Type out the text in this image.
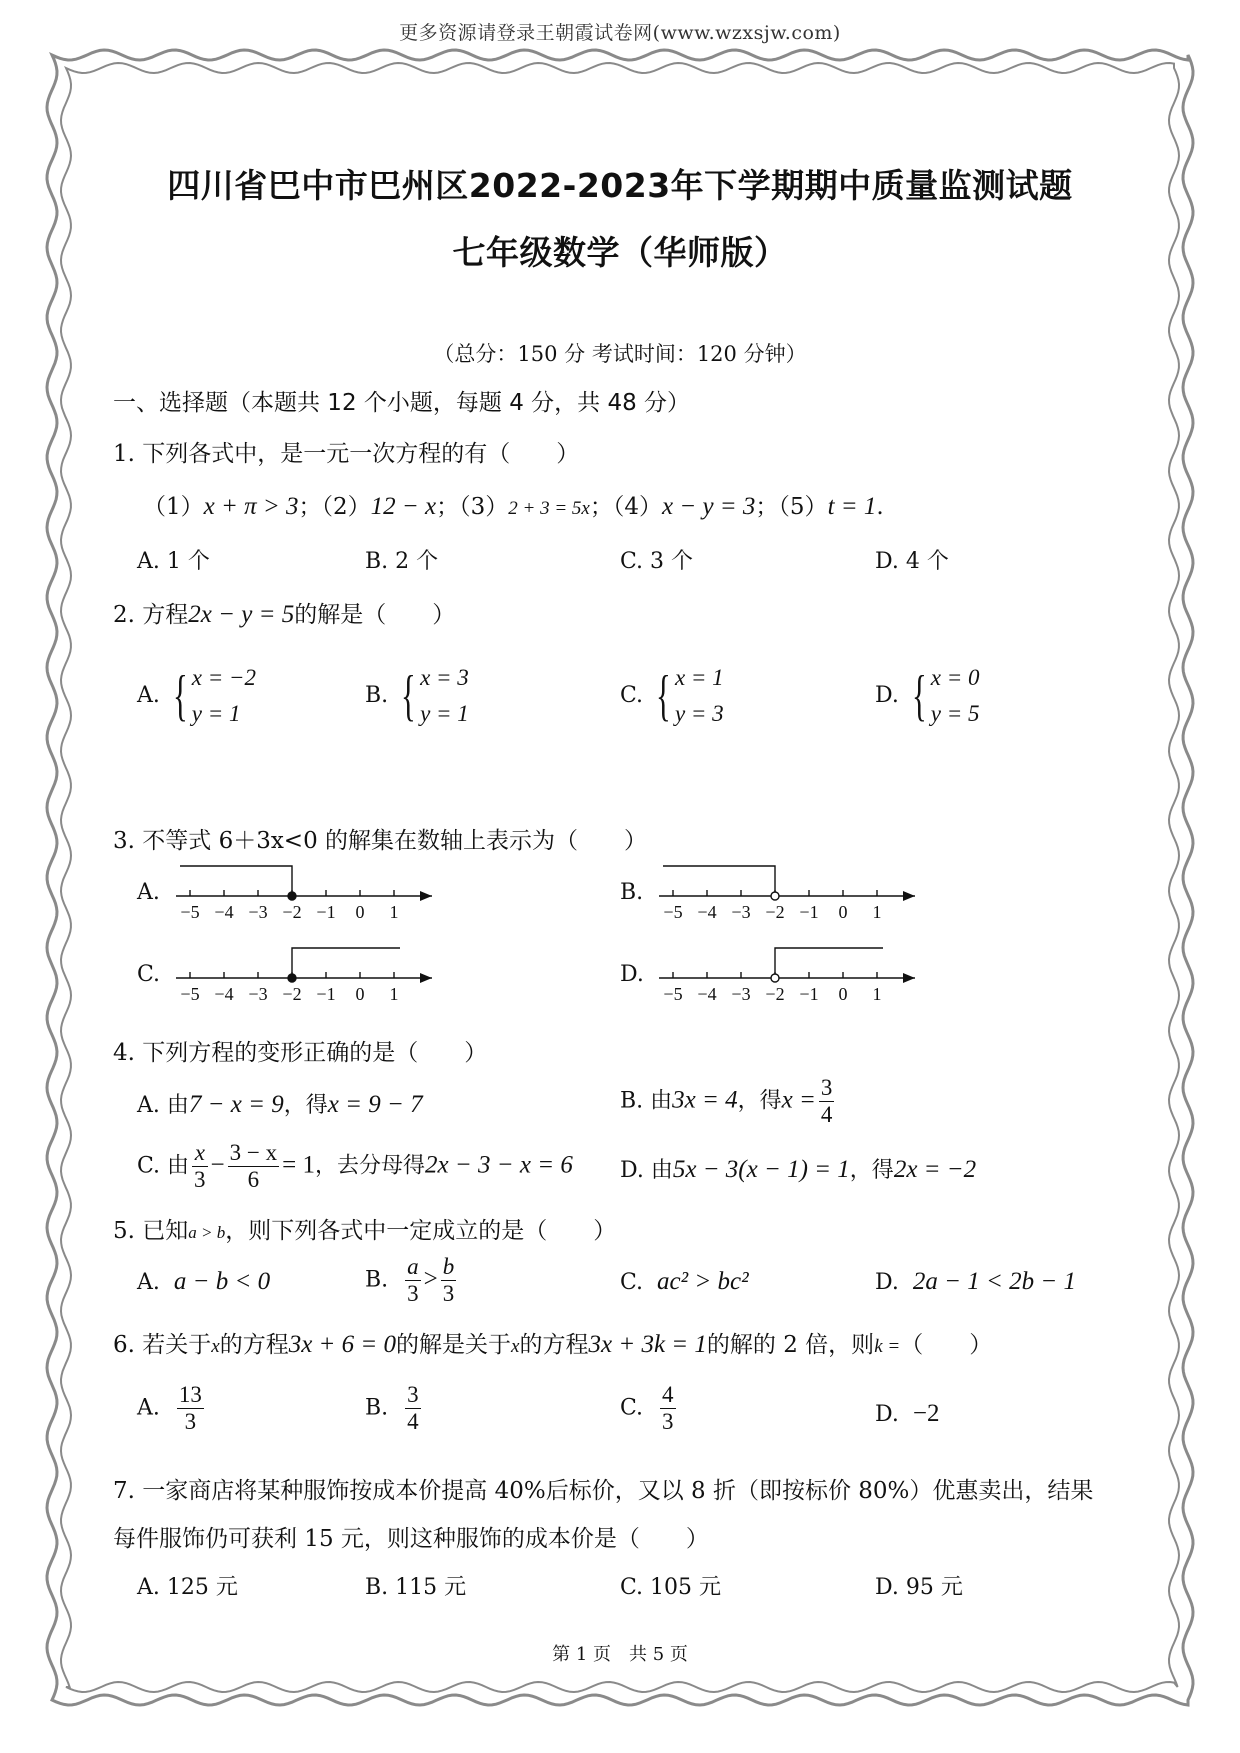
更多资源请登录王朝霞试卷网(www.wzxsjw.com)
四川省巴中市巴州区2022-2023年下学期期中质量监测试题
七年级数学（华师版）
（总分：150 分 考试时间：120 分钟）
一、选择题（本题共 12 个小题，每题 4 分，共 48 分）
1. 下列各式中，是一元一次方程的有（　　）
（1）x + π > 3；（2）12 − x；（3）2 + 3 = 5x；（4）x − y = 3；（5）t = 1.
A. 1 个	B. 2 个	C. 3 个	D. 4 个
2. 方程2x − y = 5的解是（　　）
A. { x = −2
y = 1
B. { x = 3
y = 1
C. { x = 1
y = 3
D. { x = 0
y = 5
3. 不等式 6＋3x<0 的解集在数轴上表示为（　　）
A.	B.
C.	D.
−5 −4 −3 −2 −1 0 1	−5 −4 −3 −2 −1 0 1
−5 −4 −3 −2 −1 0 1	−5 −4 −3 −2 −1 0 1
4. 下列方程的变形正确的是（　　）
A. 由7 − x = 9，得x = 9 − 7	B. 由3x = 4，得$x = \frac{3}{4}$
C. 由 $\frac{x}{3} - \frac{3 - x}{6} = 1$，去分母得2x − 3 − x = 6 D. 由5x − 3(x − 1) = 1，得2x = −2
5. 已知a > b，则下列各式中一定成立的是（　　）
A. a − b < 0	B. $\frac{a}{3} > \frac{b}{3}$	C. ac² > bc²	D. 2a − 1 < 2b − 1
6. 若关于x的方程3x + 6 = 0的解是关于x的方程3x + 3k = 1的解的 2 倍，则k =（　　）
A. $\frac{13}{3}$	B. $\frac{3}{4}$	C. $\frac{4}{3}$	D. −2
7. 一家商店将某种服饰按成本价提高 40%后标价，又以 8 折（即按标价 80%）优惠卖出，结果
每件服饰仍可获利 15 元，则这种服饰的成本价是（　　）
A. 125 元	B. 115 元	C. 105 元	D. 95 元
第 1 页　共 5 页
